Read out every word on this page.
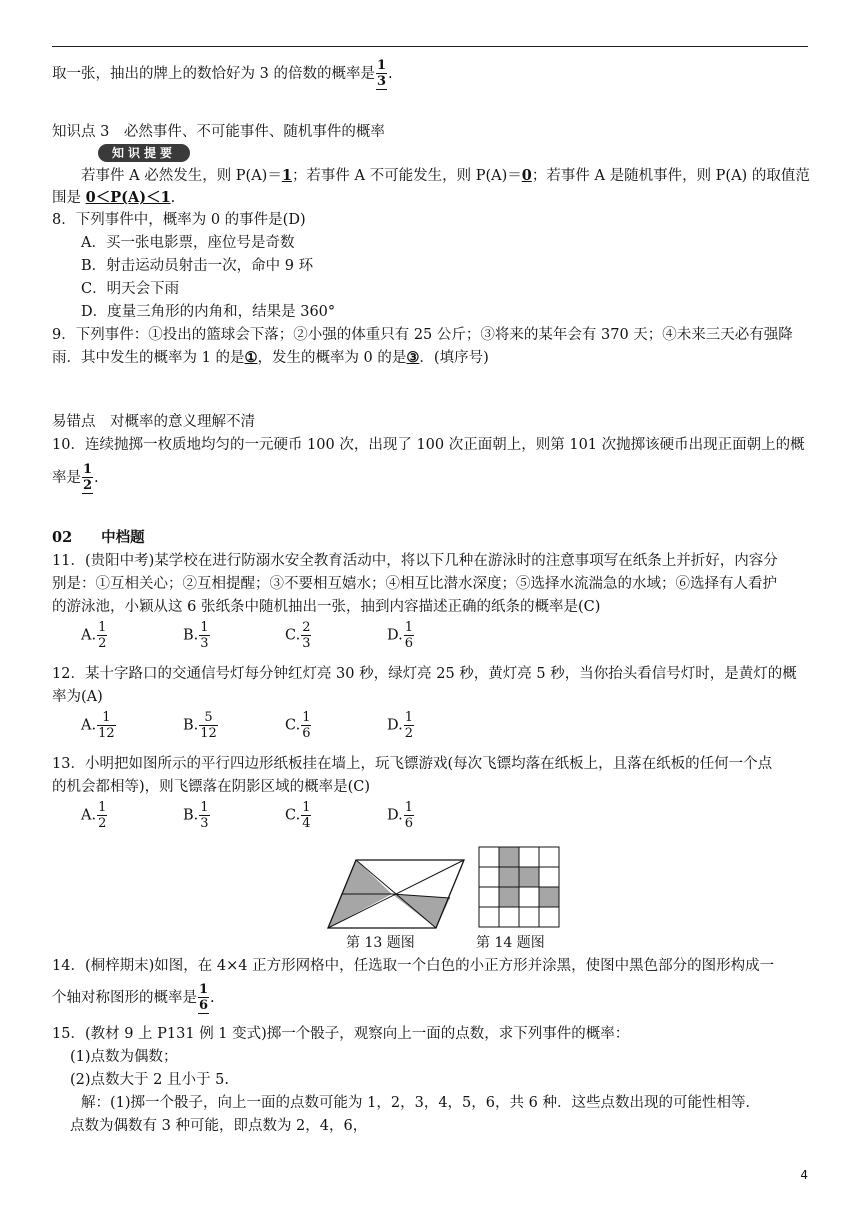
取一张，抽出的牌上的数恰好为 3 的倍数的概率是 $\frac{1}{3}$ .
知识点 3　必然事件、不可能事件、随机事件的概率
知识提要
若事件 A 必然发生，则 P(A)＝1；若事件 A 不可能发生，则 P(A)＝0；若事件 A 是随机事件，则 P(A) 的取值范
围是 0＜P(A)＜1.
8．下列事件中，概率为 0 的事件是(D)
A．买一张电影票，座位号是奇数
B．射击运动员射击一次，命中 9 环
C．明天会下雨
D．度量三角形的内角和，结果是 360°
9．下列事件：①投出的篮球会下落；②小强的体重只有 25 公斤；③将来的某年会有 370 天；④未来三天必有强降
雨．其中发生的概率为 1 的是①，发生的概率为 0 的是③．(填序号)
易错点　对概率的意义理解不清
10．连续抛掷一枚质地均匀的一元硬币 100 次，出现了 100 次正面朝上，则第 101 次抛掷该硬币出现正面朝上的概
率是 $\frac{1}{2}$ .
02　　中档题
11．(贵阳中考)某学校在进行防溺水安全教育活动中，将以下几种在游泳时的注意事项写在纸条上并折好，内容分
别是：①互相关心；②互相提醒；③不要相互嬉水；④相互比潜水深度；⑤选择水流湍急的水域；⑥选择有人看护
的游泳池，小颖从这 6 张纸条中随机抽出一张，抽到内容描述正确的纸条的概率是(C)
A. $\frac{1}{2}$	B. $\frac{1}{3}$	C. $\frac{2}{3}$	D. $\frac{1}{6}$
12．某十字路口的交通信号灯每分钟红灯亮 30 秒，绿灯亮 25 秒，黄灯亮 5 秒，当你抬头看信号灯时，是黄灯的概
率为(A)
A. $\frac{1}{12}$	B. $\frac{5}{12}$	C. $\frac{1}{6}$	D. $\frac{1}{2}$
13．小明把如图所示的平行四边形纸板挂在墙上，玩飞镖游戏(每次飞镖均落在纸板上，且落在纸板的任何一个点
的机会都相等)，则飞镖落在阴影区域的概率是(C)
A. $\frac{1}{2}$	B. $\frac{1}{3}$	C. $\frac{1}{4}$	D. $\frac{1}{6}$
第 13 题图	第 14 题图
14．(桐梓期末)如图，在 4×4 正方形网格中，任选取一个白色的小正方形并涂黑，使图中黑色部分的图形构成一
个轴对称图形的概率是 $\frac{1}{6}$ .
15．(教材 9 上 P131 例 1 变式)掷一个骰子，观察向上一面的点数，求下列事件的概率：
(1)点数为偶数；
(2)点数大于 2 且小于 5.
解：(1)掷一个骰子，向上一面的点数可能为 1，2，3，4，5，6，共 6 种．这些点数出现的可能性相等．
点数为偶数有 3 种可能，即点数为 2，4，6，
4
